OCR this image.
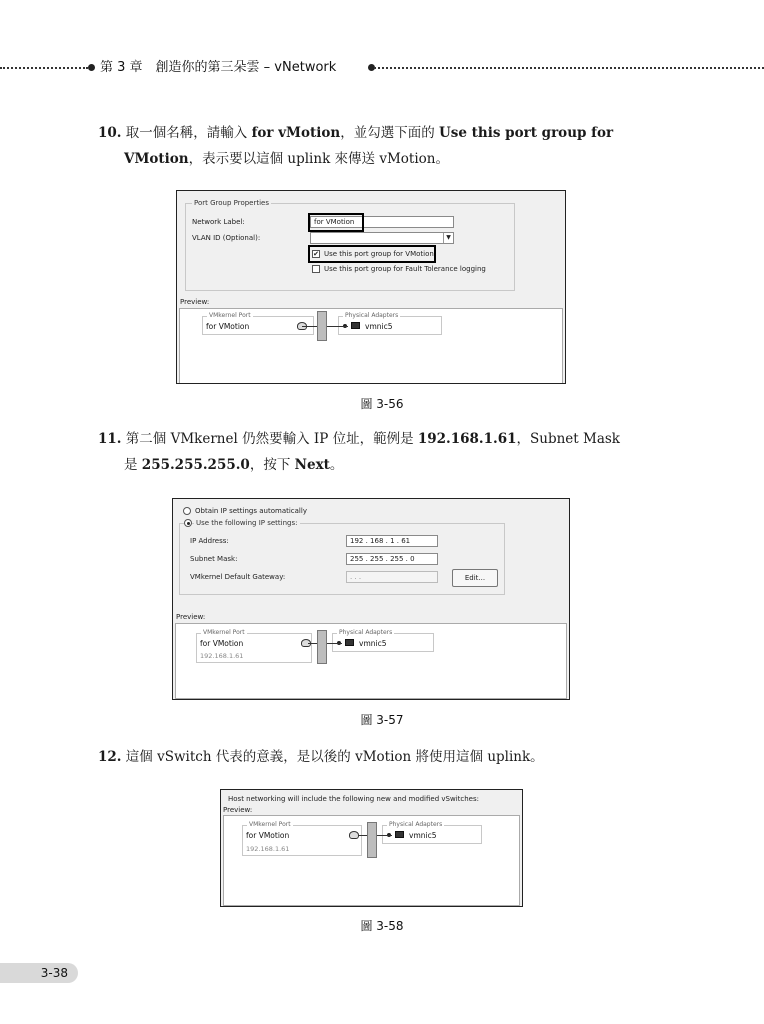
第 3 章　創造你的第三朵雲 – vNetwork
10. 取一個名稱，請輸入 for vMotion，並勾選下面的 Use this port group for
VMotion，表示要以這個 uplink 來傳送 vMotion。
Port Group Properties
Network Label:	for VMotion
VLAN ID (Optional):	▼
✔ Use this port group for VMotion
Use this port group for Fault Tolerance logging
Preview:
VMkernel Port
for VMotion
Physical Adapters
vmnic5
圖 3-56
11. 第二個 VMkernel 仍然要輸入 IP 位址，範例是 192.168.1.61，Subnet Mask
是 255.255.255.0，按下 Next。
Obtain IP settings automatically
Use the following IP settings:
IP Address:	192 . 168 . 1 . 61
Subnet Mask:	255 . 255 . 255 . 0
VMkernel Default Gateway:	. . .	Edit...
Preview:
VMkernel Port
for VMotion
192.168.1.61
Physical Adapters
vmnic5
圖 3-57
12. 這個 vSwitch 代表的意義，是以後的 vMotion 將使用這個 uplink。
Host networking will include the following new and modified vSwitches:
Preview:
VMkernel Port
for VMotion
192.168.1.61
Physical Adapters
vmnic5
圖 3-58
3-38
